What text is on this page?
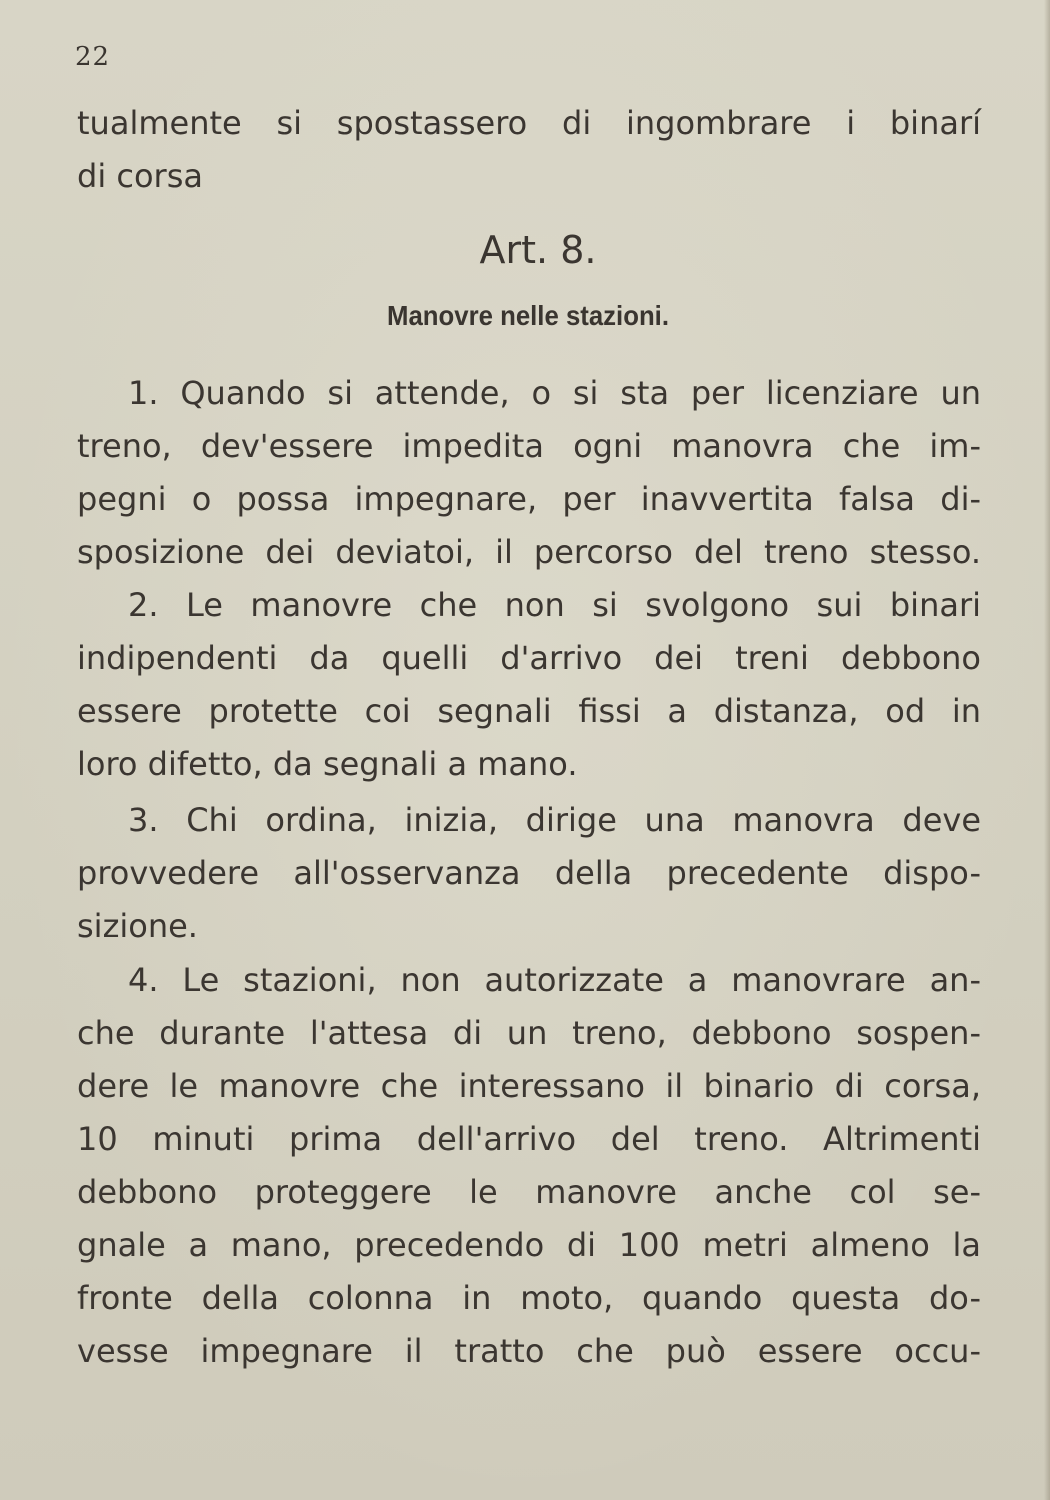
22
tualmente si spostassero di ingombrare i binarí
di corsa
Art. 8.
Manovre nelle stazioni.
1. Quando si attende, o si sta per licenziare un
treno, dev'essere impedita ogni manovra che im-
pegni o possa impegnare, per inavvertita falsa di-
sposizione dei deviatoi, il percorso del treno stesso.
2. Le manovre che non si svolgono sui binari
indipendenti da quelli d'arrivo dei treni debbono
essere protette coi segnali fissi a distanza, od in
loro difetto, da segnali a mano.
3. Chi ordina, inizia, dirige una manovra deve
provvedere all'osservanza della precedente dispo-
sizione.
4. Le stazioni, non autorizzate a manovrare an-
che durante l'attesa di un treno, debbono sospen-
dere le manovre che interessano il binario di corsa,
10 minuti prima dell'arrivo del treno. Altrimenti
debbono proteggere le manovre anche col se-
gnale a mano, precedendo di 100 metri almeno la
fronte della colonna in moto, quando questa do-
vesse impegnare il tratto che può essere occu-
